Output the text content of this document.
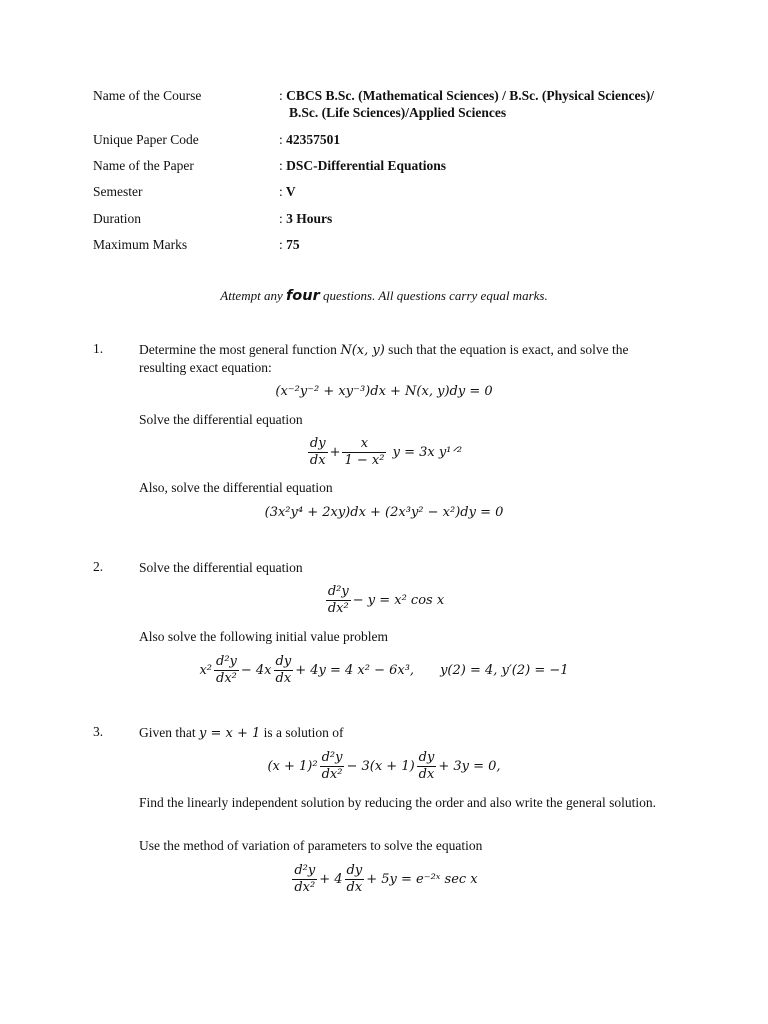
Name of the Course	: CBCS B.Sc. (Mathematical Sciences) / B.Sc. (Physical Sciences)/
B.Sc. (Life Sciences)/Applied Sciences
Unique Paper Code	: 42357501
Name of the Paper	: DSC-Differential Equations
Semester	: V
Duration	: 3 Hours
Maximum Marks	: 75
Attempt any four questions. All questions carry equal marks.
1.	Determine the most general function N(x, y) such that the equation is exact, and solve the resulting exact equation:
(x⁻²y⁻² + xy⁻³)dx + N(x, y)dy = 0
Solve the differential equation
$\frac{dy}{dx} + \frac{x}{\text{1 − x²}}$ y = 3x y¹ᐟ²
Also, solve the differential equation
(3x²y⁴ + 2xy)dx + (2x³y² − x²)dy = 0
2.	Solve the differential equation
$\frac{\text{d²y}}{\text{dx²}} - y = x^2$ cos x
Also solve the following initial value problem
$x^2 \frac{\text{d²y}}{\text{dx²}} - 4x \frac{dy}{dx} + 4y = 4$ x² − 6x³, y(2) = 4, y′(2) = −1
3.	Given that y = x + 1 is a solution of
$(x + 1)^2 \frac{\text{d²y}}{\text{dx²}} - 3(x + 1) \frac{dy}{dx} + 3y = 0$,
Find the linearly independent solution by reducing the order and also write the general solution.
Use the method of variation of parameters to solve the equation
$\frac{\text{d²y}}{\text{dx²}} + 4 \frac{dy}{dx} + 5y$ = e⁻²ˣ sec x
